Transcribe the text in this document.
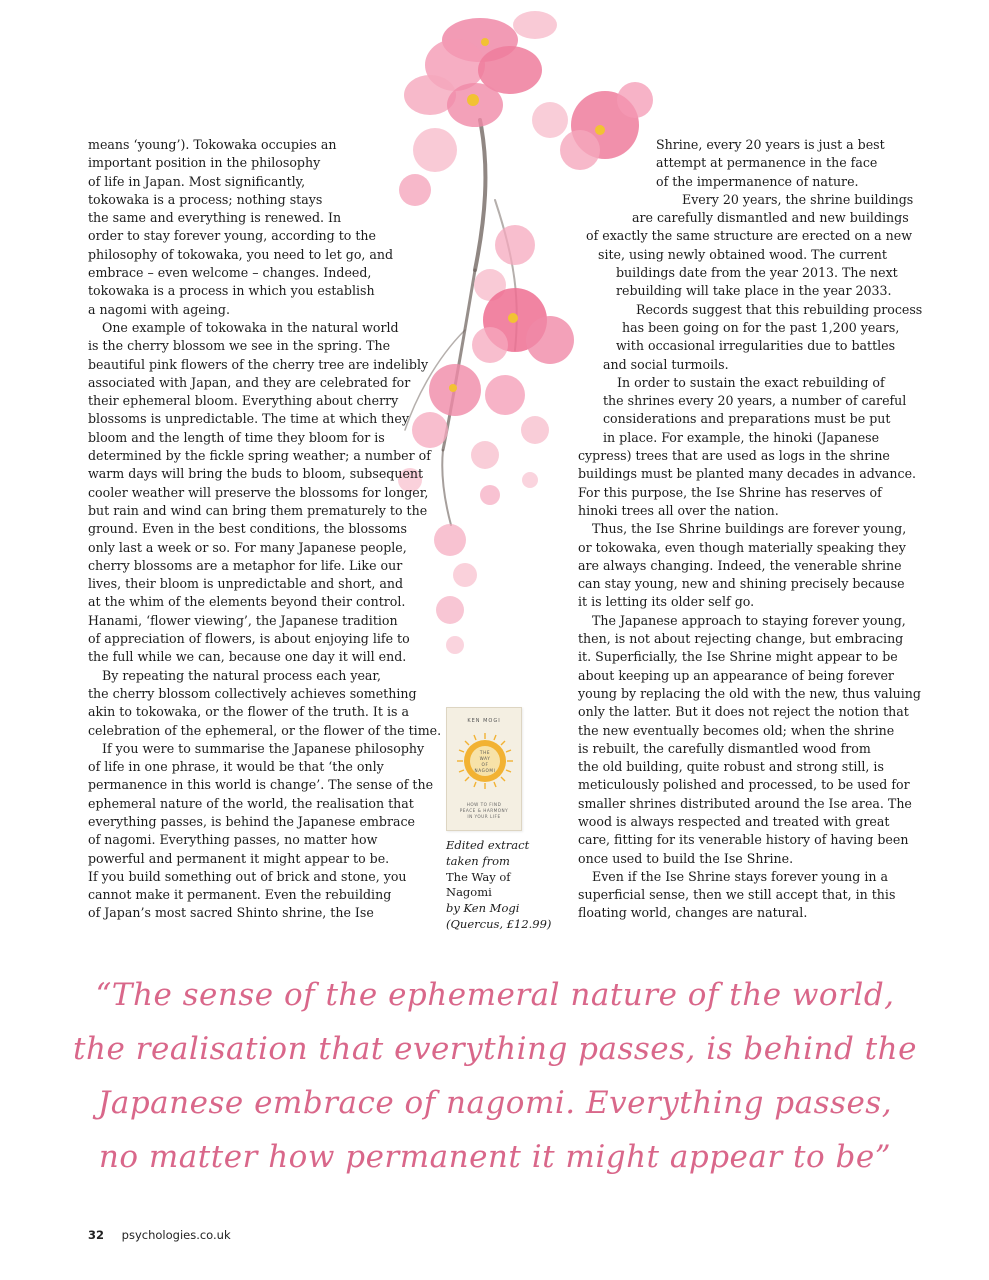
means ‘young’). Tokowaka occupies an
important position in the philosophy
of life in Japan. Most significantly,
tokowaka is a process; nothing stays
the same and everything is renewed. In
order to stay forever young, according to the
philosophy of tokowaka, you need to let go, and
embrace – even welcome – changes. Indeed,
tokowaka is a process in which you establish
a nagomi with ageing.
One example of tokowaka in the natural world
is the cherry blossom we see in the spring. The
beautiful pink flowers of the cherry tree are indelibly
associated with Japan, and they are celebrated for
their ephemeral bloom. Everything about cherry
blossoms is unpredictable. The time at which they
bloom and the length of time they bloom for is
determined by the fickle spring weather; a number of
warm days will bring the buds to bloom, subsequent
cooler weather will preserve the blossoms for longer,
but rain and wind can bring them prematurely to the
ground. Even in the best conditions, the blossoms
only last a week or so. For many Japanese people,
cherry blossoms are a metaphor for life. Like our
lives, their bloom is unpredictable and short, and
at the whim of the elements beyond their control.
Hanami, ‘flower viewing’, the Japanese tradition
of appreciation of flowers, is about enjoying life to
the full while we can, because one day it will end.
By repeating the natural process each year,
the cherry blossom collectively achieves something
akin to tokowaka, or the flower of the truth. It is a
celebration of the ephemeral, or the flower of the time.
If you were to summarise the Japanese philosophy
of life in one phrase, it would be that ‘the only
permanence in this world is change’. The sense of the
ephemeral nature of the world, the realisation that
everything passes, is behind the Japanese embrace
of nagomi. Everything passes, no matter how
powerful and permanent it might appear to be.
If you build something out of brick and stone, you
cannot make it permanent. Even the rebuilding
of Japan’s most sacred Shinto shrine, the Ise
Shrine, every 20 years is just a best
attempt at permanence in the face
of the impermanence of nature.
Every 20 years, the shrine buildings
are carefully dismantled and new buildings
of exactly the same structure are erected on a new
site, using newly obtained wood. The current
buildings date from the year 2013. The next
rebuilding will take place in the year 2033.
Records suggest that this rebuilding process
has been going on for the past 1,200 years,
with occasional irregularities due to battles
and social turmoils.
In order to sustain the exact rebuilding of
the shrines every 20 years, a number of careful
considerations and preparations must be put
in place. For example, the hinoki (Japanese
cypress) trees that are used as logs in the shrine
buildings must be planted many decades in advance.
For this purpose, the Ise Shrine has reserves of
hinoki trees all over the nation.
Thus, the Ise Shrine buildings are forever young,
or tokowaka, even though materially speaking they
are always changing. Indeed, the venerable shrine
can stay young, new and shining precisely because
it is letting its older self go.
The Japanese approach to staying forever young,
then, is not about rejecting change, but embracing
it. Superficially, the Ise Shrine might appear to be
about keeping up an appearance of being forever
young by replacing the old with the new, thus valuing
only the latter. But it does not reject the notion that
the new eventually becomes old; when the shrine
is rebuilt, the carefully dismantled wood from
the old building, quite robust and strong still, is
meticulously polished and processed, to be used for
smaller shrines distributed around the Ise area. The
wood is always respected and treated with great
care, fitting for its venerable history of having been
once used to build the Ise Shrine.
Even if the Ise Shrine stays forever young in a
superficial sense, then we still accept that, in this
floating world, changes are natural.
KEN MOGI
THE
WAY
OF
NAGOMI
HOW TO FIND
PEACE & HARMONY
IN YOUR LIFE
Edited extract
taken from
The Way of Nagomi
by Ken Mogi
(Quercus, £12.99)
“The sense of the ephemeral nature of the world,
the realisation that everything passes, is behind the
Japanese embrace of nagomi. Everything passes,
no matter how permanent it might appear to be”
32 psychologies.co.uk
